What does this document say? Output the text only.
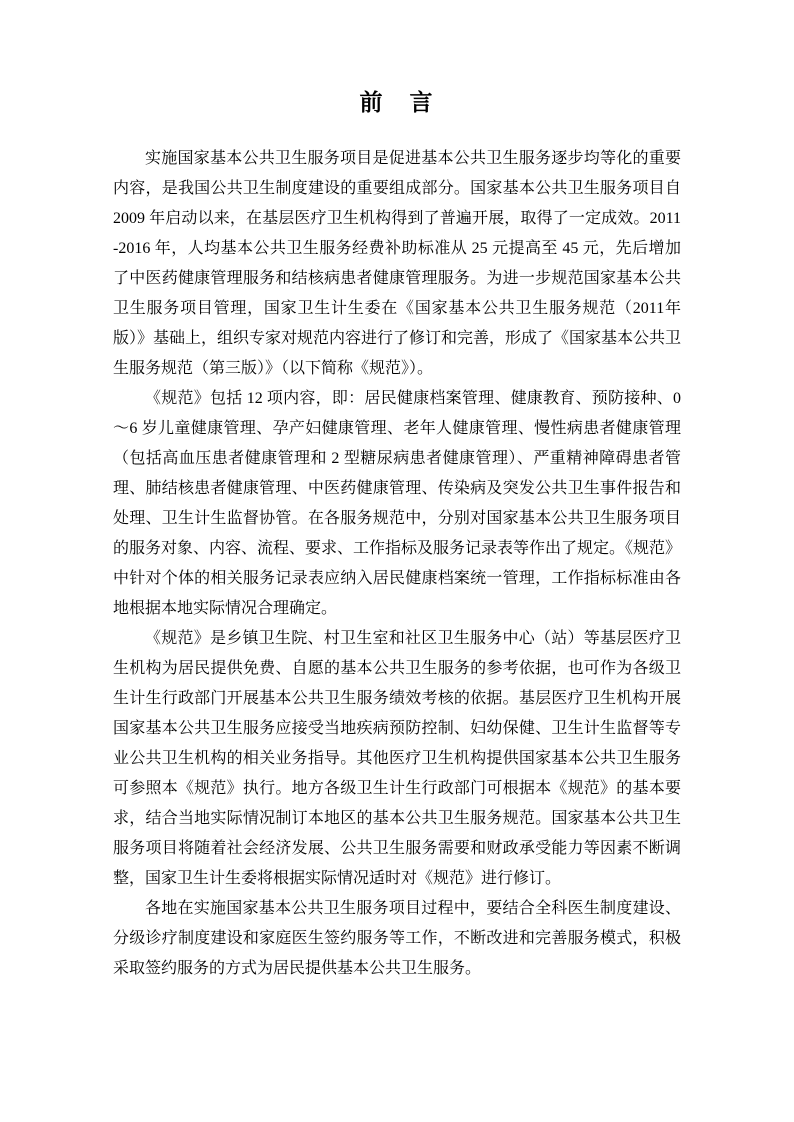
前　言

实施国家基本公共卫生服务项目是促进基本公共卫生服务逐步均等化的重要内容，是我国公共卫生制度建设的重要组成部分。国家基本公共卫生服务项目自 2009 年启动以来，在基层医疗卫生机构得到了普遍开展，取得了一定成效。2011-2016 年，人均基本公共卫生服务经费补助标准从 25 元提高至 45 元，先后增加了中医药健康管理服务和结核病患者健康管理服务。为进一步规范国家基本公共卫生服务项目管理，国家卫生计生委在《国家基本公共卫生服务规范（2011年版）》基础上，组织专家对规范内容进行了修订和完善，形成了《国家基本公共卫生服务规范（第三版）》（以下简称《规范》）。

《规范》包括 12 项内容，即：居民健康档案管理、健康教育、预防接种、0～6 岁儿童健康管理、孕产妇健康管理、老年人健康管理、慢性病患者健康管理（包括高血压患者健康管理和 2 型糖尿病患者健康管理）、严重精神障碍患者管理、肺结核患者健康管理、中医药健康管理、传染病及突发公共卫生事件报告和处理、卫生计生监督协管。在各服务规范中，分别对国家基本公共卫生服务项目的服务对象、内容、流程、要求、工作指标及服务记录表等作出了规定。《规范》中针对个体的相关服务记录表应纳入居民健康档案统一管理，工作指标标准由各地根据本地实际情况合理确定。

《规范》是乡镇卫生院、村卫生室和社区卫生服务中心（站）等基层医疗卫生机构为居民提供免费、自愿的基本公共卫生服务的参考依据，也可作为各级卫生计生行政部门开展基本公共卫生服务绩效考核的依据。基层医疗卫生机构开展国家基本公共卫生服务应接受当地疾病预防控制、妇幼保健、卫生计生监督等专业公共卫生机构的相关业务指导。其他医疗卫生机构提供国家基本公共卫生服务可参照本《规范》执行。地方各级卫生计生行政部门可根据本《规范》的基本要求，结合当地实际情况制订本地区的基本公共卫生服务规范。国家基本公共卫生服务项目将随着社会经济发展、公共卫生服务需要和财政承受能力等因素不断调整，国家卫生计生委将根据实际情况适时对《规范》进行修订。

各地在实施国家基本公共卫生服务项目过程中，要结合全科医生制度建设、分级诊疗制度建设和家庭医生签约服务等工作，不断改进和完善服务模式，积极采取签约服务的方式为居民提供基本公共卫生服务。
